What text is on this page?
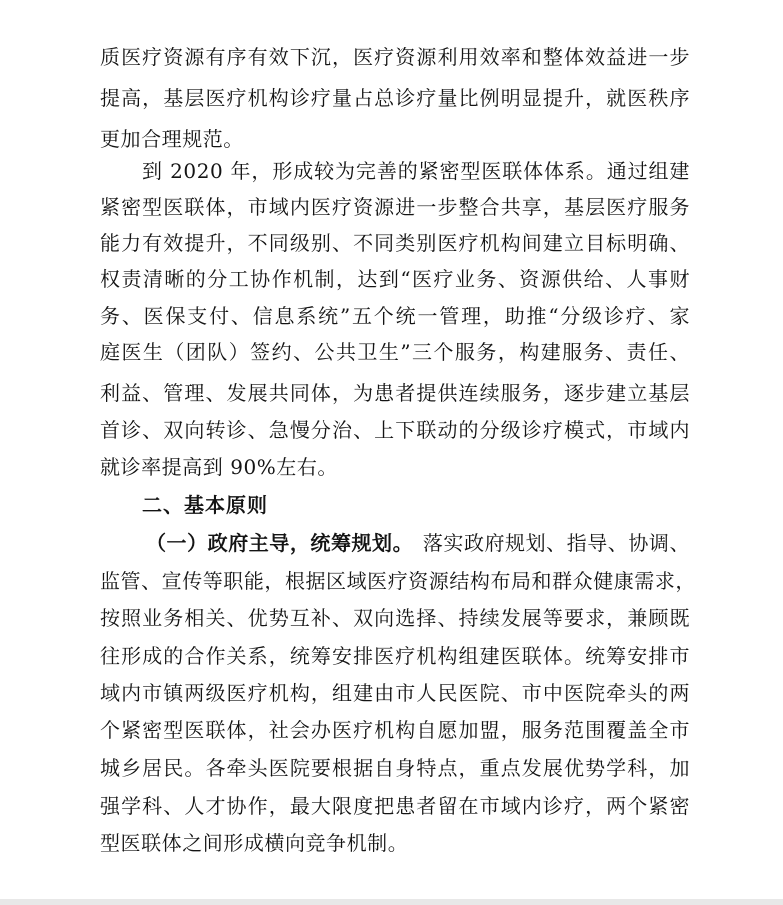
质医疗资源有序有效下沉，医疗资源利用效率和整体效益进一步
提高，基层医疗机构诊疗量占总诊疗量比例明显提升，就医秩序
更加合理规范。
到 2020 年，形成较为完善的紧密型医联体体系。通过组建
紧密型医联体，市域内医疗资源进一步整合共享，基层医疗服务
能力有效提升，不同级别、不同类别医疗机构间建立目标明确、
权责清晰的分工协作机制，达到“医疗业务、资源供给、人事财
务、医保支付、信息系统”五个统一管理，助推“分级诊疗、家
庭医生（团队）签约、公共卫生”三个服务，构建服务、责任、
利益、管理、发展共同体，为患者提供连续服务，逐步建立基层
首诊、双向转诊、急慢分治、上下联动的分级诊疗模式，市域内
就诊率提高到 90%左右。
二、基本原则
（一）政府主导，统筹规划。 落实政府规划、指导、协调、
监管、宣传等职能，根据区域医疗资源结构布局和群众健康需求，
按照业务相关、优势互补、双向选择、持续发展等要求，兼顾既
往形成的合作关系，统筹安排医疗机构组建医联体。统筹安排市
域内市镇两级医疗机构，组建由市人民医院、市中医院牵头的两
个紧密型医联体，社会办医疗机构自愿加盟，服务范围覆盖全市
城乡居民。各牵头医院要根据自身特点，重点发展优势学科，加
强学科、人才协作，最大限度把患者留在市域内诊疗，两个紧密
型医联体之间形成横向竞争机制。
